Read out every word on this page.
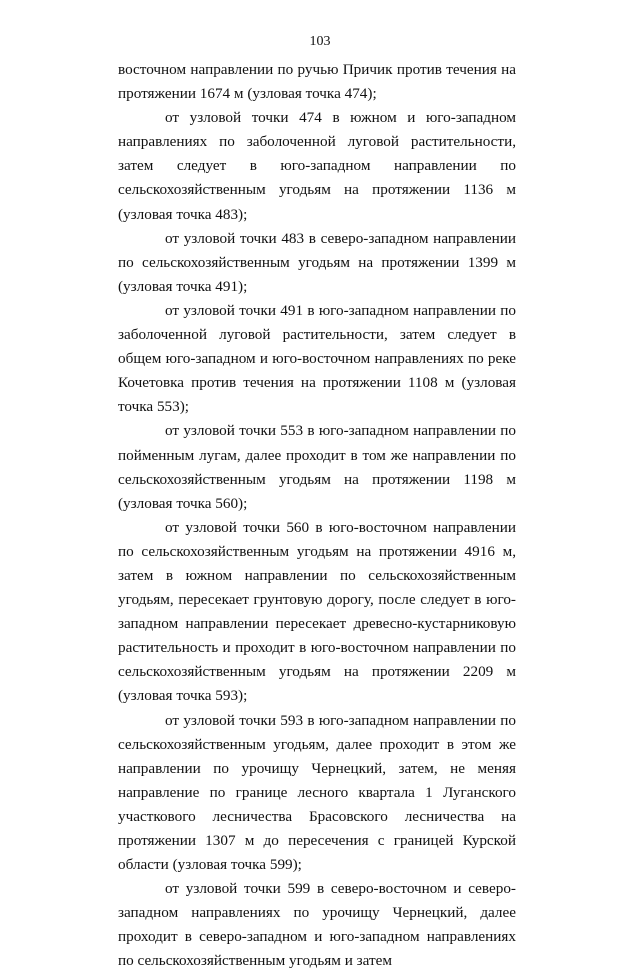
103

восточном направлении по ручью Причик против течения на протяжении 1674 м (узловая точка 474);

от узловой точки 474 в южном и юго-западном направлениях по заболоченной луговой растительности, затем следует в юго-западном направлении по сельскохозяйственным угодьям на протяжении 1136 м (узловая точка 483);

от узловой точки 483 в северо-западном направлении по сельскохозяйственным угодьям на протяжении 1399 м (узловая точка 491);

от узловой точки 491 в юго-западном направлении по заболоченной луговой растительности, затем следует в общем юго-западном и юго-восточном направлениях по реке Кочетовка против течения на протяжении 1108 м (узловая точка 553);

от узловой точки 553 в юго-западном направлении по пойменным лугам, далее проходит в том же направлении по сельскохозяйственным угодьям на протяжении 1198 м (узловая точка 560);

от узловой точки 560 в юго-восточном направлении по сельскохозяйственным угодьям на протяжении 4916 м, затем в южном направлении по сельскохозяйственным угодьям, пересекает грунтовую дорогу, после следует в юго-западном направлении пересекает древесно-кустарниковую растительность и проходит в юго-восточном направлении по сельскохозяйственным угодьям на протяжении 2209 м (узловая точка 593);

от узловой точки 593 в юго-западном направлении по сельскохозяйственным угодьям, далее проходит в этом же направлении по урочищу Чернецкий, затем, не меняя направление по границе лесного квартала 1 Луганского участкового лесничества Брасовского лесничества на протяжении 1307 м до пересечения с границей Курской области (узловая точка 599);

от узловой точки 599 в северо-восточном и северо-западном направлениях по урочищу Чернецкий, далее проходит в северо-западном и юго-западном направлениях по сельскохозяйственным угодьям и затем
